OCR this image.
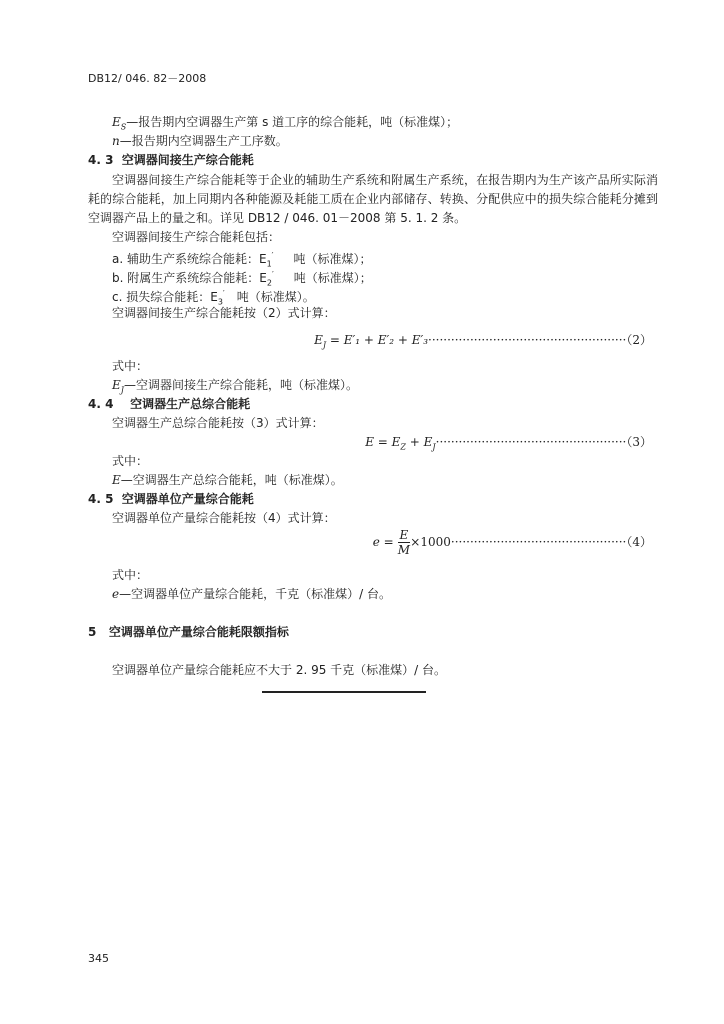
DB12/ 046. 82－2008
$E_S—$报告期内空调器生产第 s 道工序的综合能耗，吨（标准煤）；
n—报告期内空调器生产工序数。
4. 3  空调器间接生产综合能耗
空调器间接生产综合能耗等于企业的辅助生产系统和附属生产系统，在报告期内为生产该产品所实际消耗的综合能耗，加上同期内各种能源及耗能工质在企业内部储存、转换、分配供应中的损失综合能耗分摊到空调器产品上的量之和。详见 DB12 / 046. 01－2008 第 5. 1. 2 条。
空调器间接生产综合能耗包括：
a. 辅助生产系统综合能耗：$E_1'$ 吨（标准煤）；
b. 附属生产系统综合能耗：$E_2'$ 吨（标准煤）；
c. 损失综合能耗：$E_3'$ 吨（标准煤）。
空调器间接生产综合能耗按（2）式计算：
$E_J = E'_1 + E'_2 + E'_3\cdot\cdot\cdot\cdot\cdot\cdot\cdot\cdot\cdot\cdot\cdot\cdot\cdot\cdot\cdot\cdot\cdot\cdot\cdot\cdot\cdot\cdot\cdot\cdot\cdot\cdot\cdot\cdot\cdot\cdot\cdot\cdot\cdot\cdot\cdot\cdot\cdot\cdot\cdot\cdot\cdot\cdot\cdot\cdot\cdot\cdot\cdot\cdot\cdot\cdot\cdot\cdot(2)$
式中：
$E_J—$空调器间接生产综合能耗，吨（标准煤）。
4. 4    空调器生产总综合能耗
空调器生产总综合能耗按（3）式计算：
$E = E_Z + E_J\cdot\cdot\cdot\cdot\cdot\cdot\cdot\cdot\cdot\cdot\cdot\cdot\cdot\cdot\cdot\cdot\cdot\cdot\cdot\cdot\cdot\cdot\cdot\cdot\cdot\cdot\cdot\cdot\cdot\cdot\cdot\cdot\cdot\cdot\cdot\cdot\cdot\cdot\cdot\cdot\cdot\cdot\cdot\cdot\cdot\cdot\cdot\cdot\cdot\cdot(3)$
式中：
E—空调器生产总综合能耗，吨（标准煤）。
4. 5  空调器单位产量综合能耗
空调器单位产量综合能耗按（4）式计算：
$e = \frac{E}{M} \times 1000\cdot\cdot\cdot\cdot\cdot\cdot\cdot\cdot\cdot\cdot\cdot\cdot\cdot\cdot\cdot\cdot\cdot\cdot\cdot\cdot\cdot\cdot\cdot\cdot\cdot\cdot\cdot\cdot\cdot\cdot\cdot\cdot\cdot\cdot\cdot\cdot\cdot\cdot\cdot\cdot\cdot\cdot\cdot\cdot\cdot\cdot(4)$
式中：
e—空调器单位产量综合能耗，千克（标准煤）/ 台。
5   空调器单位产量综合能耗限额指标
空调器单位产量综合能耗应不大于 2. 95 千克（标准煤）/ 台。
345
